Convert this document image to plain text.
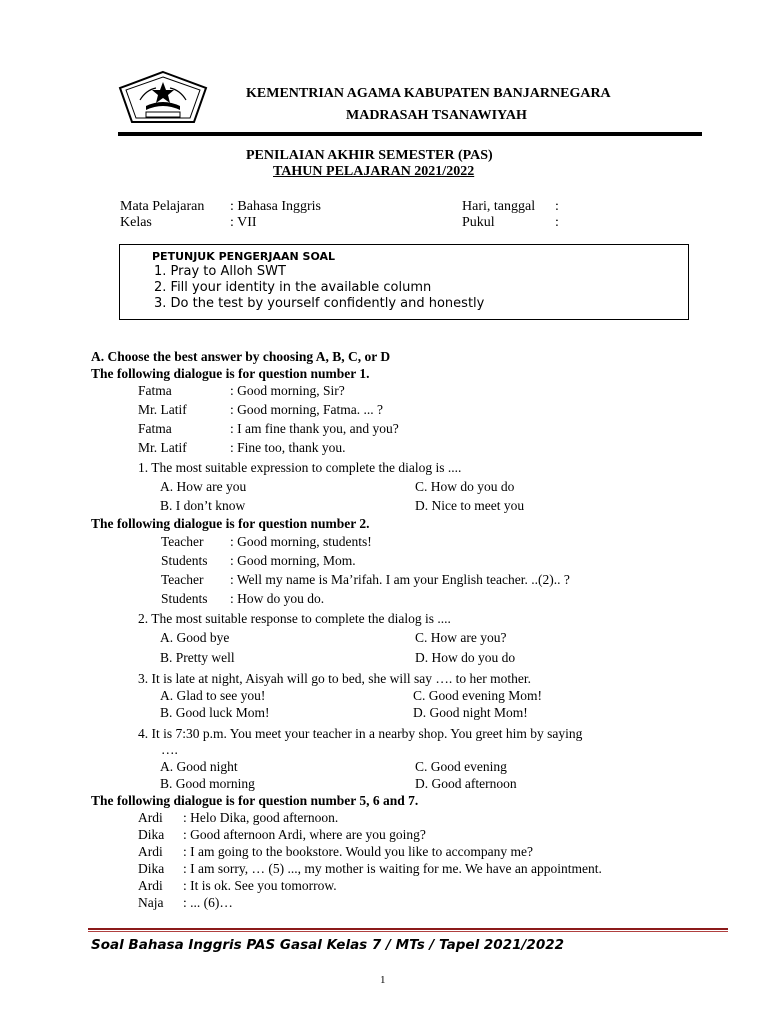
KEMENTRIAN AGAMA KABUPATEN BANJARNEGARA
MADRASAH TSANAWIYAH
PENILAIAN AKHIR SEMESTER (PAS)
TAHUN PELAJARAN 2021/2022
Mata Pelajaran : Bahasa Inggris
Kelas	: VII
Hari, tanggal :
Pukul	:
PETUNJUK PENGERJAAN SOAL
1. Pray to Alloh SWT
2. Fill your identity in the available column
3. Do the test by yourself confidently and honestly
A. Choose the best answer by choosing A, B, C, or D
The following dialogue is for question number 1.
Fatma	: Good morning, Sir?
Mr. Latif	: Good morning, Fatma. ... ?
Fatma	: I am fine thank you, and you?
Mr. Latif	: Fine too, thank you.
1. The most suitable expression to complete the dialog is ....
A. How are you	C. How do you do
B. I don’t know	D. Nice to meet you
The following dialogue is for question number 2.
Teacher : Good morning, students!
Students : Good morning, Mom.
Teacher : Well my name is Ma’rifah. I am your English teacher. ..(2).. ?
Students : How do you do.
2. The most suitable response to complete the dialog is ....
A. Good bye	C. How are you?
B. Pretty well	D. How do you do
3. It is late at night, Aisyah will go to bed, she will say …. to her mother.
A. Glad to see you!	C. Good evening Mom!
B. Good luck Mom!	D. Good night Mom!
4. It is 7:30 p.m. You meet your teacher in a nearby shop. You greet him by saying
….
A. Good night	C. Good evening
B. Good morning	D. Good afternoon
The following dialogue is for question number 5, 6 and 7.
Ardi : Helo Dika, good afternoon.
Dika : Good afternoon Ardi, where are you going?
Ardi : I am going to the bookstore. Would you like to accompany me?
Dika : I am sorry, … (5) ..., my mother is waiting for me. We have an appointment.
Ardi : It is ok. See you tomorrow.
Naja : ... (6)…
Soal Bahasa Inggris PAS Gasal Kelas 7 / MTs / Tapel 2021/2022
1
